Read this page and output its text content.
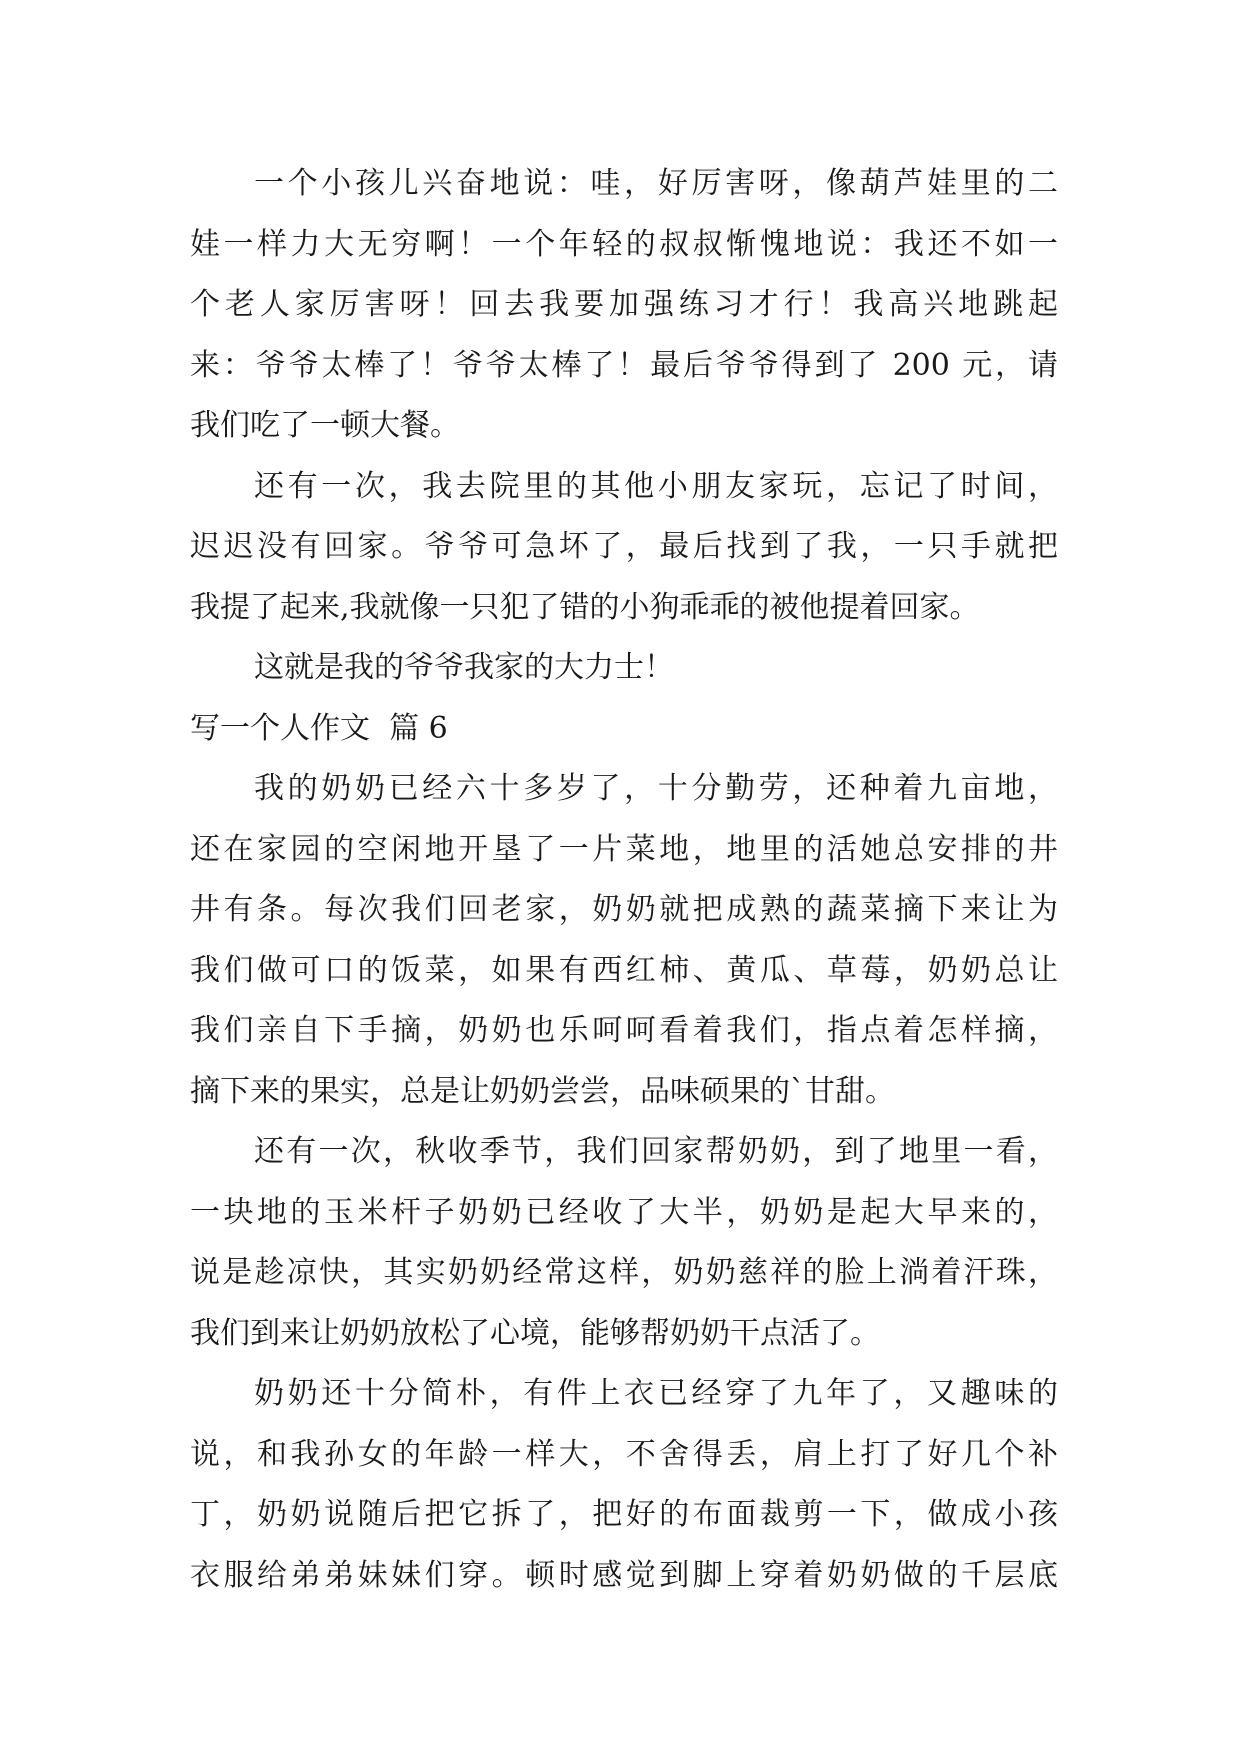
一个小孩儿兴奋地说：哇，好厉害呀，像葫芦娃里的二
娃一样力大无穷啊！一个年轻的叔叔惭愧地说：我还不如一
个老人家厉害呀！回去我要加强练习才行！我高兴地跳起
来：爷爷太棒了！爷爷太棒了！最后爷爷得到了 200 元，请
我们吃了一顿大餐。
还有一次，我去院里的其他小朋友家玩，忘记了时间，
迟迟没有回家。爷爷可急坏了，最后找到了我，一只手就把
我提了起来,我就像一只犯了错的小狗乖乖的被他提着回家。
这就是我的爷爷我家的大力士！
写一个人作文  篇 6
我的奶奶已经六十多岁了，十分勤劳，还种着九亩地，
还在家园的空闲地开垦了一片菜地，地里的活她总安排的井
井有条。每次我们回老家，奶奶就把成熟的蔬菜摘下来让为
我们做可口的饭菜，如果有西红柿、黄瓜、草莓，奶奶总让
我们亲自下手摘，奶奶也乐呵呵看着我们，指点着怎样摘，
摘下来的果实，总是让奶奶尝尝，品味硕果的`甘甜。
还有一次，秋收季节，我们回家帮奶奶，到了地里一看，
一块地的玉米杆子奶奶已经收了大半，奶奶是起大早来的，
说是趁凉快，其实奶奶经常这样，奶奶慈祥的脸上淌着汗珠，
我们到来让奶奶放松了心境，能够帮奶奶干点活了。
奶奶还十分简朴，有件上衣已经穿了九年了，又趣味的
说，和我孙女的年龄一样大，不舍得丢，肩上打了好几个补
丁，奶奶说随后把它拆了，把好的布面裁剪一下，做成小孩
衣服给弟弟妹妹们穿。顿时感觉到脚上穿着奶奶做的千层底
